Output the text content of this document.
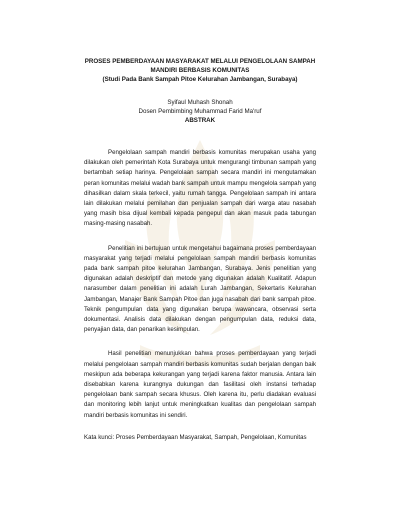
PROSES PEMBERDAYAAN MASYARAKAT MELALUI PENGELOLAAN SAMPAH

MANDIRI BERBASIS KOMUNITAS

(Studi Pada Bank Sampah Pitoe Kelurahan Jambangan, Surabaya)

Syifaul Muhash Shonah

Dosen Pembimbing Muhammad Farid Ma'ruf

ABSTRAK

Pengelolaan sampah mandiri berbasis komunitas merupakan usaha yang dilakukan oleh pemerintah Kota Surabaya untuk mengurangi timbunan sampah yang bertambah setiap harinya. Pengelolaan sampah secara mandiri ini mengutamakan peran komunitas melalui wadah bank sampah untuk mampu mengelola sampah yang dihasilkan dalam skala terkecil, yaitu rumah tangga. Pengelolaan sampah ini antara lain dilakukan melalui pemilahan dan penjualan sampah dari warga atau nasabah yang masih bisa dijual kembali kepada pengepul dan akan masuk pada tabungan masing-masing nasabah.

Penelitian ini bertujuan untuk mengetahui bagaimana proses pemberdayaan masyarakat yang terjadi melalui pengelolaan sampah mandiri berbasis komunitas pada bank sampah pitoe kelurahan Jambangan, Surabaya. Jenis penelitian yang digunakan adalah deskriptif dan metode yang digunakan adalah Kualitatif. Adapun narasumber dalam penelitian ini adalah Lurah Jambangan, Sekertaris Kelurahan Jambangan, Manajer Bank Sampah Pitoe dan juga nasabah dari bank sampah pitoe. Teknik pengumpulan data yang digunakan berupa wawancara, observasi serta dokumentasi. Analisis data dilakukan dengan pengumpulan data, reduksi data, penyajian data, dan penarikan kesimpulan.

Hasil penelitian menunjukkan bahwa proses pemberdayaan yang terjadi melalui pengelolaan sampah mandiri berbasis komunitas sudah berjalan dengan baik meskipun ada beberapa kekurangan yang terjadi karena faktor manusia. Antara lain disebabkan karena kurangnya dukungan dan fasilitasi oleh instansi terhadap pengelolaan bank sampah secara khusus. Oleh karena itu, perlu diadakan evaluasi dan monitoring lebih lanjut untuk meningkatkan kualitas dan pengelolaan sampah mandiri berbasis komunitas ini sendiri.

Kata kunci: Proses Pemberdayaan Masyarakat, Sampah, Pengelolaan, Komunitas
